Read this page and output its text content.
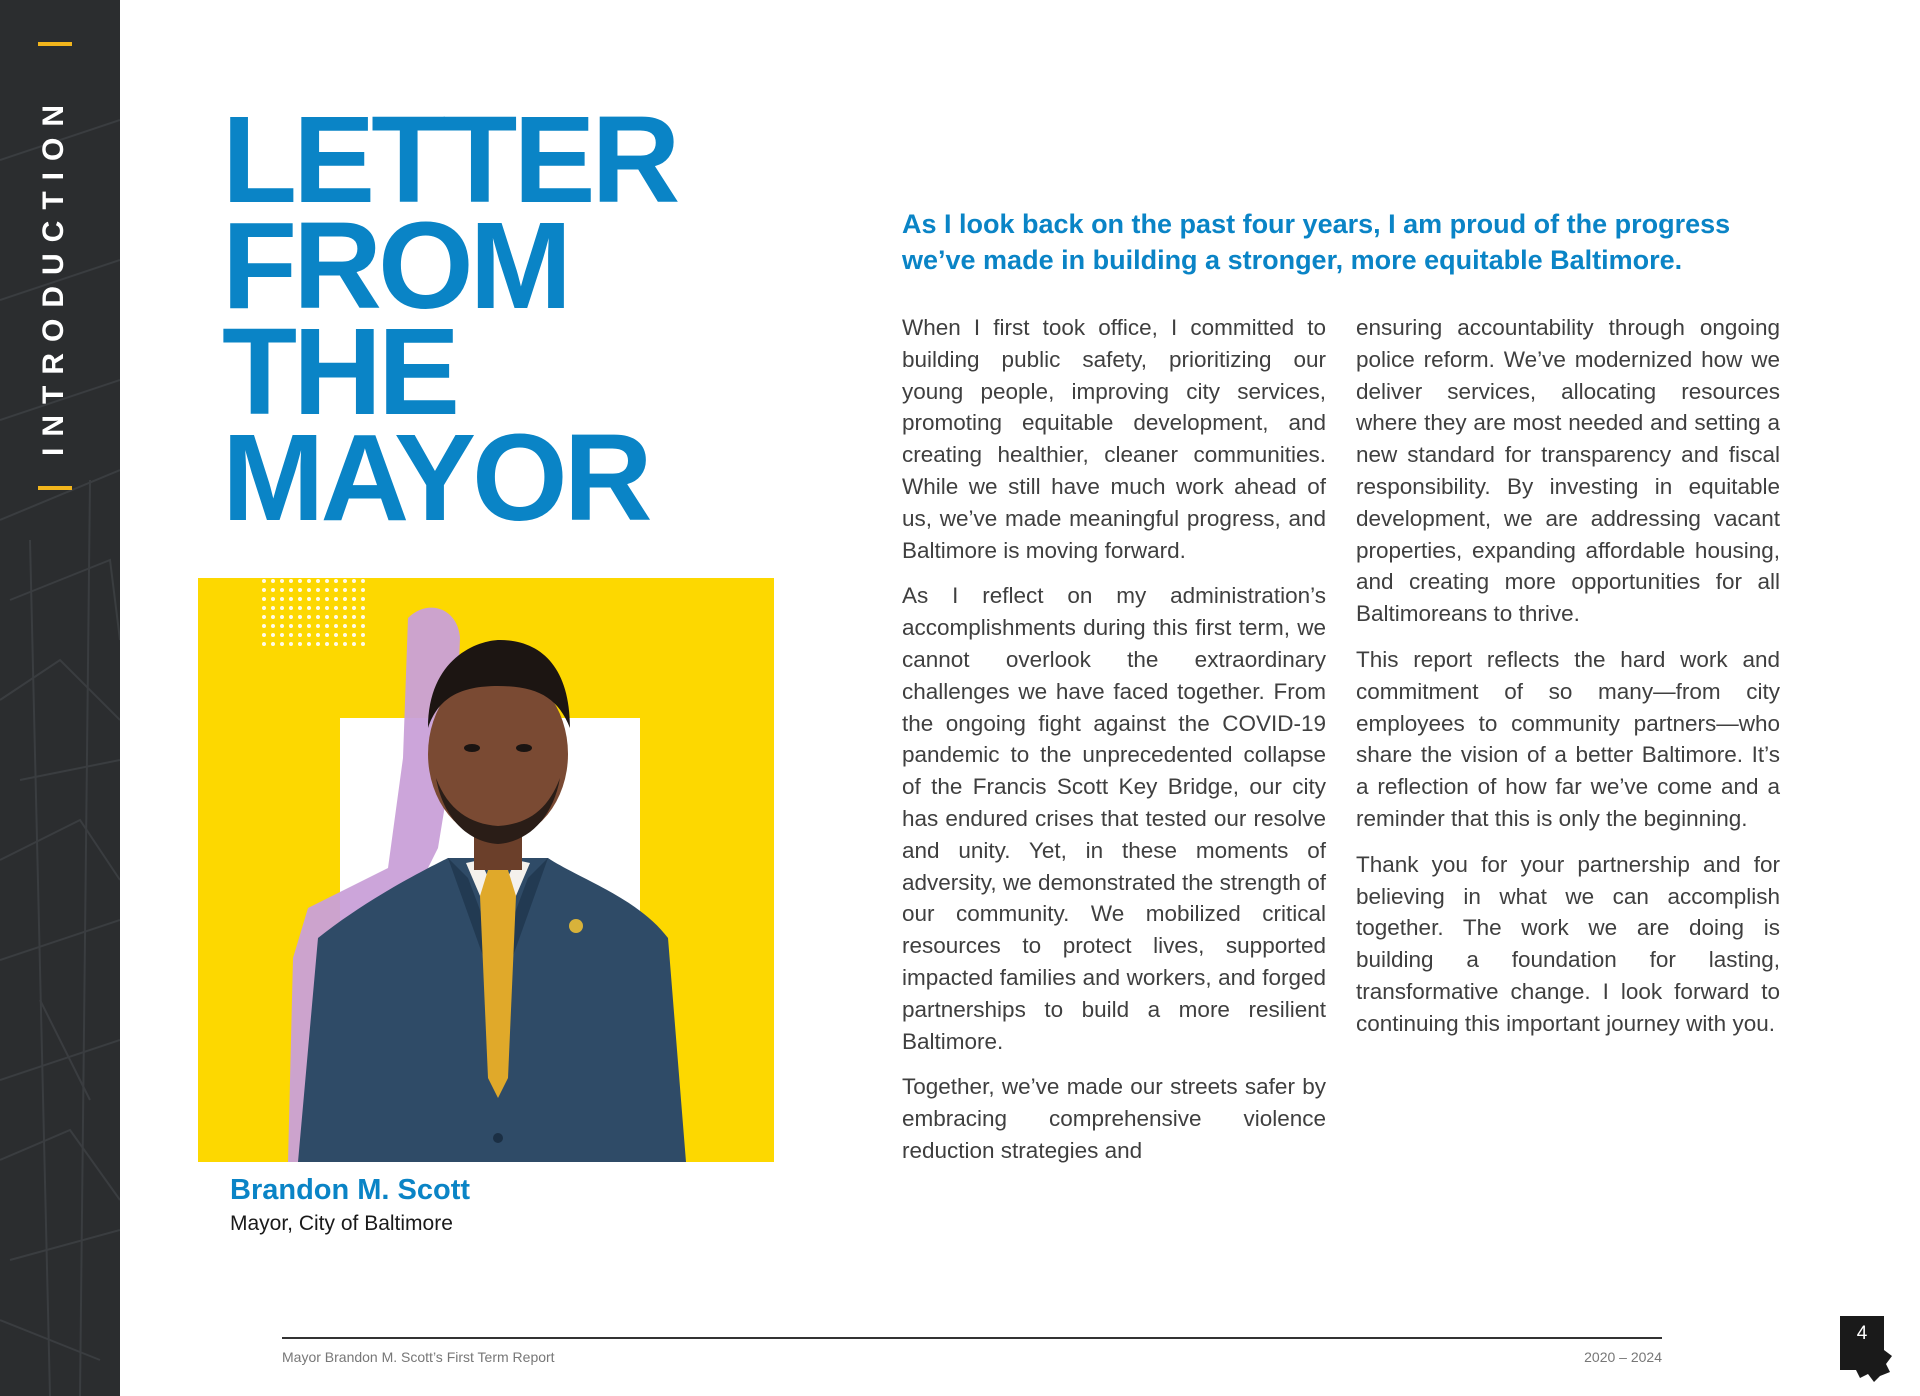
INTRODUCTION LETTER
FROM
THE
MAYOR
Brandon M. Scott
Mayor, City of Baltimore

As I look back on the past four years, I am proud of the progress we’ve made in building a stronger, more equitable Baltimore.

When I first took office, I committed to building public safety, prioritizing our young people, improving city services, promoting equitable development, and creating healthier, cleaner communities. While we still have much work ahead of us, we’ve made meaningful progress, and Baltimore is moving forward.

As I reflect on my administration’s accomplishments during this first term, we cannot overlook the extraordinary challenges we have faced together. From the ongoing fight against the COVID-19 pandemic to the unprecedented collapse of the Francis Scott Key Bridge, our city has endured crises that tested our resolve and unity. Yet, in these moments of adversity, we demonstrated the strength of our community. We mobilized critical resources to protect lives, supported impacted families and workers, and forged partnerships to build a more resilient Baltimore.

Together, we’ve made our streets safer by embracing comprehensive violence reduction strategies and

ensuring accountability through ongoing police reform. We’ve modernized how we deliver services, allocating resources where they are most needed and setting a new standard for transparency and fiscal responsibility. By investing in equitable development, we are addressing vacant properties, expanding affordable housing, and creating more opportunities for all Baltimoreans to thrive.

This report reflects the hard work and commitment of so many—from city employees to community partners—who share the vision of a better Baltimore. It’s a reflection of how far we’ve come and a reminder that this is only the beginning.

Thank you for your partnership and for believing in what we can accomplish together. The work we are doing is building a foundation for lasting, transformative change. I look forward to continuing this important journey with you.

Mayor Brandon M. Scott’s First Term Report	2020 – 2024
4
